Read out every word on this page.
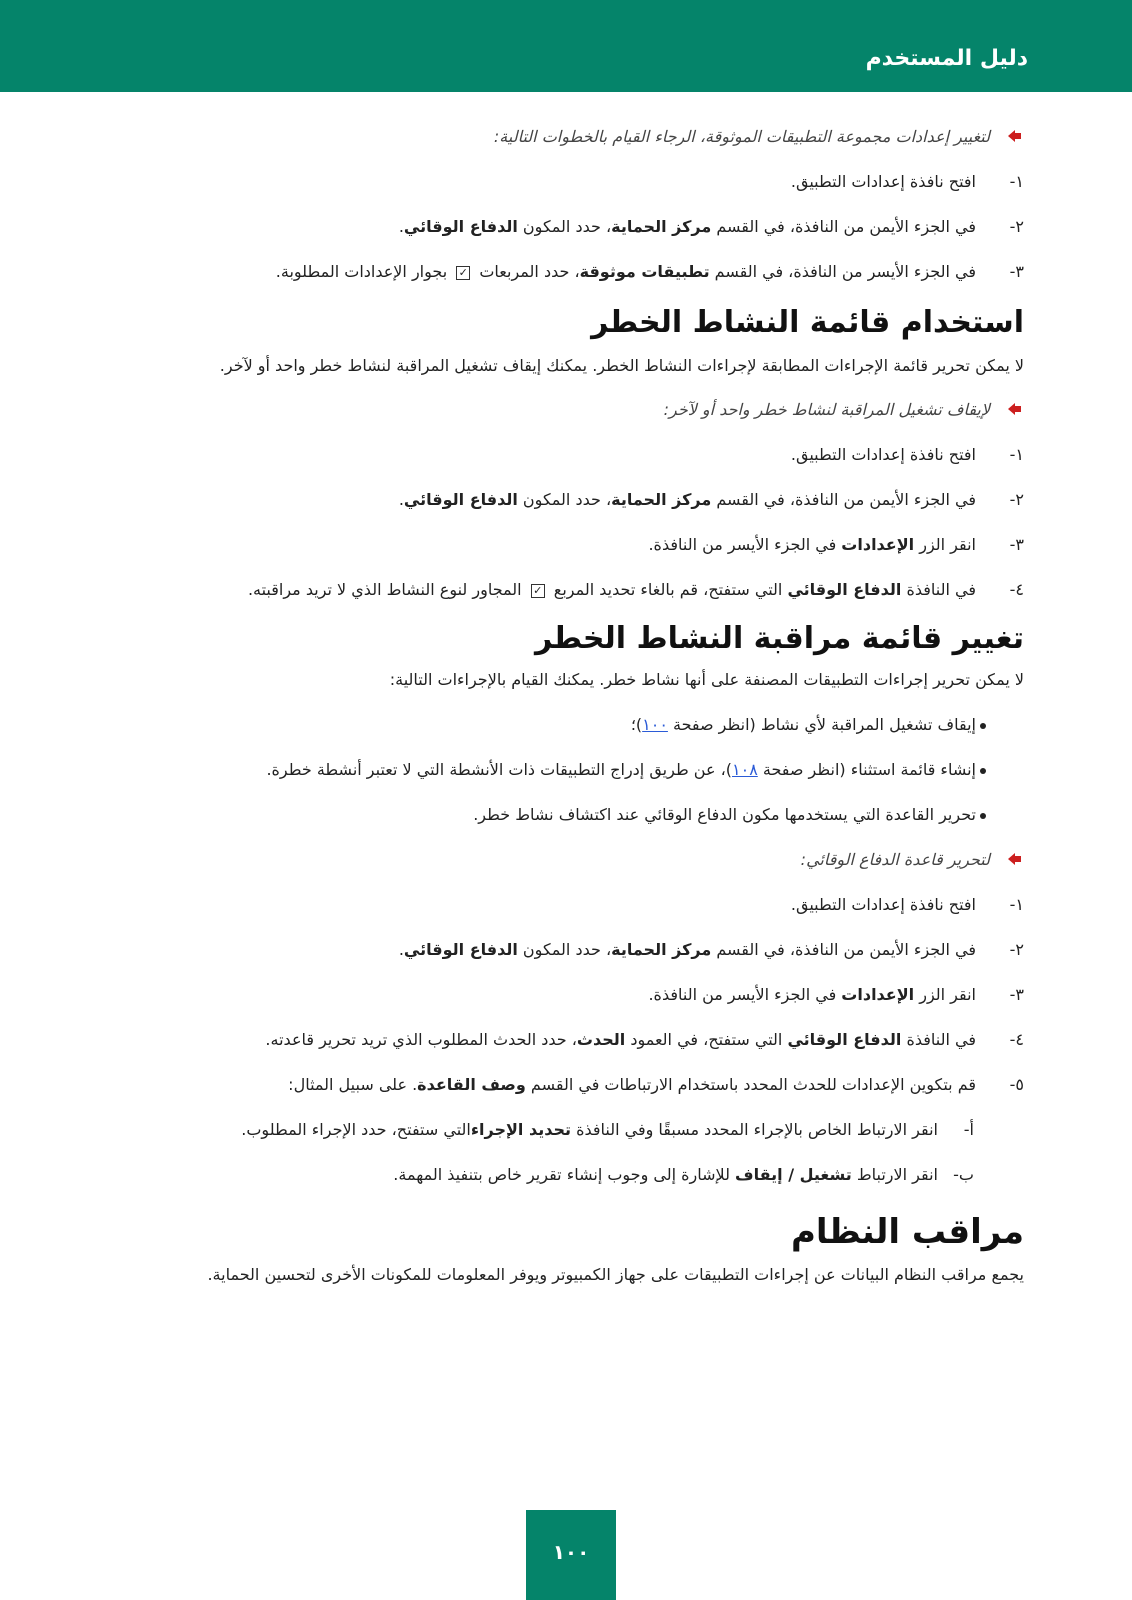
دليل المستخدم
لتغيير إعدادات مجموعة التطبيقات الموثوقة، الرجاء القيام بالخطوات التالية:
١-
افتح نافذة إعدادات التطبيق.
٢-
في الجزء الأيمن من النافذة، في القسم مركز الحماية، حدد المكون الدفاع الوقائي.
٣-
في الجزء الأيسر من النافذة، في القسم تطبيقات موثوقة، حدد المربعات ✓ بجوار الإعدادات المطلوبة.
استخدام قائمة النشاط الخطر
لا يمكن تحرير قائمة الإجراءات المطابقة لإجراءات النشاط الخطر. يمكنك إيقاف تشغيل المراقبة لنشاط خطر واحد أو لآخر.
لإيقاف تشغيل المراقبة لنشاط خطر واحد أو لآخر:
١-
افتح نافذة إعدادات التطبيق.
٢-
في الجزء الأيمن من النافذة، في القسم مركز الحماية، حدد المكون الدفاع الوقائي.
٣-
انقر الزر الإعدادات في الجزء الأيسر من النافذة.
٤-
في النافذة الدفاع الوقائي التي ستفتح، قم بالغاء تحديد المربع ✓ المجاور لنوع النشاط الذي لا تريد مراقبته.
تغيير قائمة مراقبة النشاط الخطر
لا يمكن تحرير إجراءات التطبيقات المصنفة على أنها نشاط خطر. يمكنك القيام بالإجراءات التالية:
إيقاف تشغيل المراقبة لأي نشاط (انظر صفحة ١٠٠)؛
إنشاء قائمة استثناء (انظر صفحة ١٠٨)، عن طريق إدراج التطبيقات ذات الأنشطة التي لا تعتبر أنشطة خطرة.
تحرير القاعدة التي يستخدمها مكون الدفاع الوقائي عند اكتشاف نشاط خطر.
لتحرير قاعدة الدفاع الوقائي:
١-
افتح نافذة إعدادات التطبيق.
٢-
في الجزء الأيمن من النافذة، في القسم مركز الحماية، حدد المكون الدفاع الوقائي.
٣-
انقر الزر الإعدادات في الجزء الأيسر من النافذة.
٤-
في النافذة الدفاع الوقائي التي ستفتح، في العمود الحدث، حدد الحدث المطلوب الذي تريد تحرير قاعدته.
٥-
قم بتكوين الإعدادات للحدث المحدد باستخدام الارتباطات في القسم وصف القاعدة. على سبيل المثال:
أ-
انقر الارتباط الخاص بالإجراء المحدد مسبقًا وفي النافذة تحديد الإجراءالتي ستفتح، حدد الإجراء المطلوب.
ب-
انقر الارتباط تشغيل / إيقاف للإشارة إلى وجوب إنشاء تقرير خاص بتنفيذ المهمة.
مراقب النظام
يجمع مراقب النظام البيانات عن إجراءات التطبيقات على جهاز الكمبيوتر ويوفر المعلومات للمكونات الأخرى لتحسين الحماية.
١٠٠
